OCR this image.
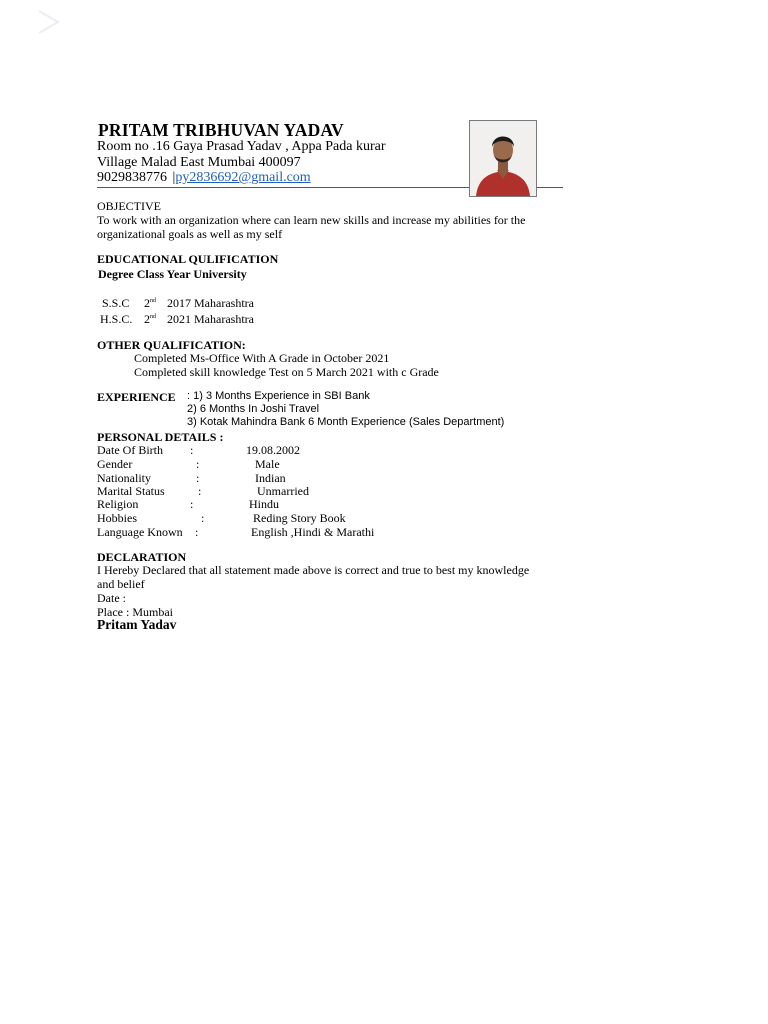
PRITAM TRIBHUVAN YADAV
Room no .16 Gaya Prasad Yadav , Appa Pada kurar
Village Malad East Mumbai 400097
9029838776 |py2836692@gmail.com
OBJECTIVE
To work with an organization where can learn new skills and increase my abilities for the organizational goals as well as my self
EDUCATIONAL QULIFICATION
Degree Class Year University
S.S.C 2nd 2017 Maharashtra
H.S.C. 2nd 2021 Maharashtra
OTHER QUALIFICATION:
Completed Ms-Office With A Grade in October 2021
Completed skill knowledge Test on 5 March 2021 with c Grade
EXPERIENCE : 1) 3 Months Experience in SBI Bank
2) 6 Months In Joshi Travel
3) Kotak Mahindra Bank 6 Month Experience (Sales Department)
PERSONAL DETAILS :
Date Of Birth :	19.08.2002
Gender	:	Male
Nationality	:	Indian
Marital Status	:	Unmarried
Religion	:	Hindu
Hobbies	:	Reding Story Book
Language Known :	English ,Hindi & Marathi
DECLARATION
I Hereby Declared that all statement made above is correct and true to best my knowledge and belief
Date :
Place : Mumbai
Pritam Yadav
